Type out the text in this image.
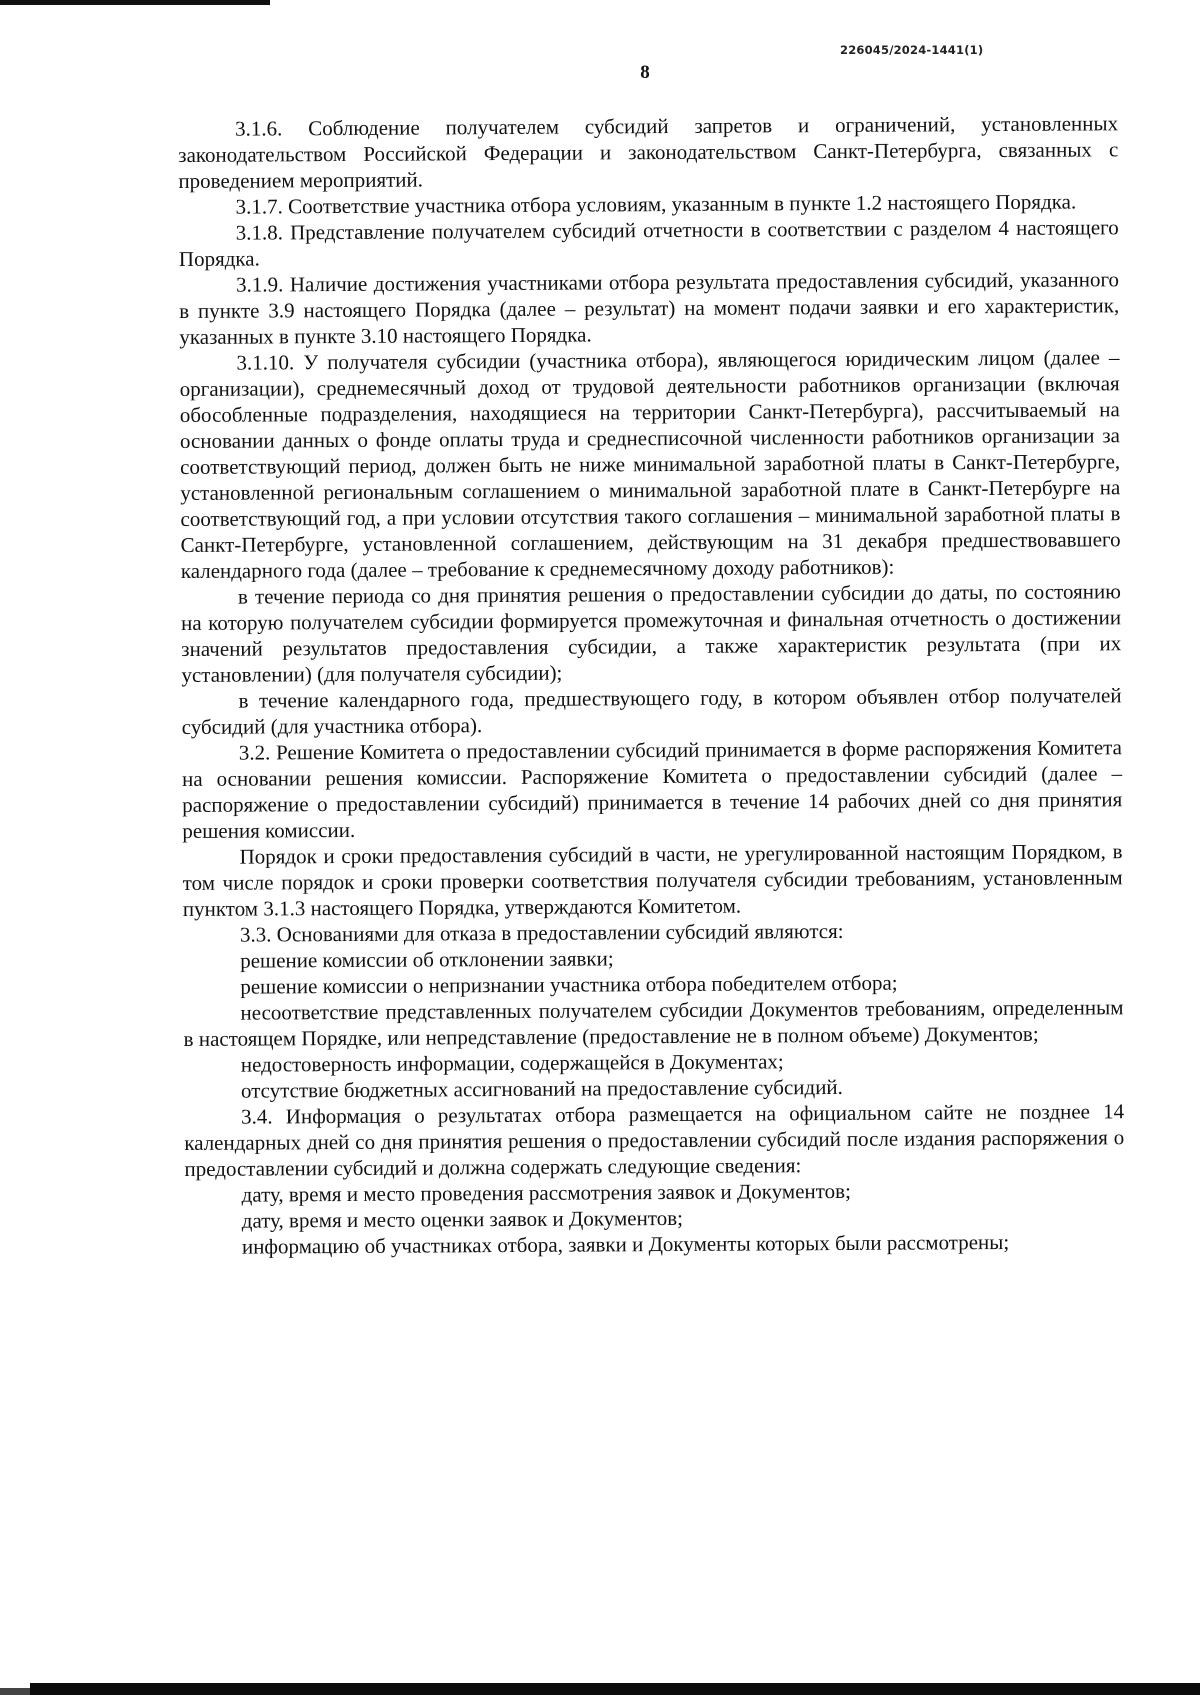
226045/2024-1441(1)
8

3.1.6. Соблюдение получателем субсидий запретов и ограничений, установленных законодательством Российской Федерации и законодательством Санкт-Петербурга, связанных с проведением мероприятий.

3.1.7. Соответствие участника отбора условиям, указанным в пункте 1.2 настоящего Порядка.

3.1.8. Представление получателем субсидий отчетности в соответствии с разделом 4 настоящего Порядка.

3.1.9. Наличие достижения участниками отбора результата предоставления субсидий, указанного в пункте 3.9 настоящего Порядка (далее – результат) на момент подачи заявки и его характеристик, указанных в пункте 3.10 настоящего Порядка.

3.1.10. У получателя субсидии (участника отбора), являющегося юридическим лицом (далее – организации), среднемесячный доход от трудовой деятельности работников организации (включая обособленные подразделения, находящиеся на территории Санкт-Петербурга), рассчитываемый на основании данных о фонде оплаты труда и среднесписочной численности работников организации за соответствующий период, должен быть не ниже минимальной заработной платы в Санкт-Петербурге, установленной региональным соглашением о минимальной заработной плате в Санкт-Петербурге на соответствующий год, а при условии отсутствия такого соглашения – минимальной заработной платы в Санкт-Петербурге, установленной соглашением, действующим на 31 декабря предшествовавшего календарного года (далее – требование к среднемесячному доходу работников):

в течение периода со дня принятия решения о предоставлении субсидии до даты, по состоянию на которую получателем субсидии формируется промежуточная и финальная отчетность о достижении значений результатов предоставления субсидии, а также характеристик результата (при их установлении) (для получателя субсидии);

в течение календарного года, предшествующего году, в котором объявлен отбор получателей субсидий (для участника отбора).

3.2. Решение Комитета о предоставлении субсидий принимается в форме распоряжения Комитета на основании решения комиссии. Распоряжение Комитета о предоставлении субсидий (далее – распоряжение о предоставлении субсидий) принимается в течение 14 рабочих дней со дня принятия решения комиссии.

Порядок и сроки предоставления субсидий в части, не урегулированной настоящим Порядком, в том числе порядок и сроки проверки соответствия получателя субсидии требованиям, установленным пунктом 3.1.3 настоящего Порядка, утверждаются Комитетом.

3.3. Основаниями для отказа в предоставлении субсидий являются:

решение комиссии об отклонении заявки;

решение комиссии о непризнании участника отбора победителем отбора;

несоответствие представленных получателем субсидии Документов требованиям, определенным в настоящем Порядке, или непредставление (предоставление не в полном объеме) Документов;

недостоверность информации, содержащейся в Документах;

отсутствие бюджетных ассигнований на предоставление субсидий.

3.4. Информация о результатах отбора размещается на официальном сайте не позднее 14 календарных дней со дня принятия решения о предоставлении субсидий после издания распоряжения о предоставлении субсидий и должна содержать следующие сведения:

дату, время и место проведения рассмотрения заявок и Документов;

дату, время и место оценки заявок и Документов;

информацию об участниках отбора, заявки и Документы которых были рассмотрены;
